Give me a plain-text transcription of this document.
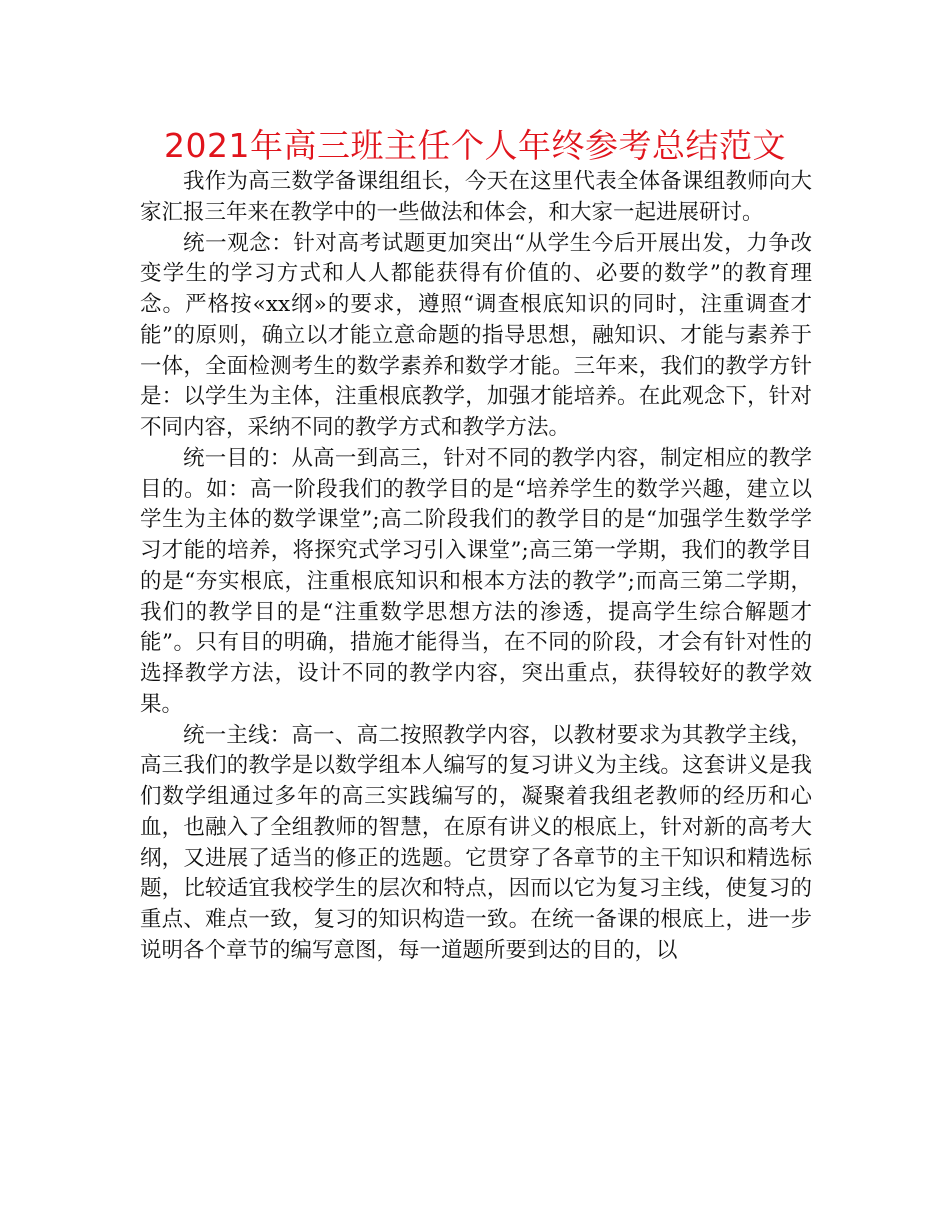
2021年高三班主任个人年终参考总结范文

我作为高三数学备课组组长，今天在这里代表全体备课组教师向大家汇报三年来在教学中的一些做法和体会，和大家一起进展研讨。

统一观念：针对高考试题更加突出“从学生今后开展出发，力争改变学生的学习方式和人人都能获得有价值的、必要的数学”的教育理念。严格按«xx纲»的要求，遵照“调查根底知识的同时，注重调查才能”的原则，确立以才能立意命题的指导思想，融知识、才能与素养于一体，全面检测考生的数学素养和数学才能。三年来，我们的教学方针是：以学生为主体，注重根底教学，加强才能培养。在此观念下，针对不同内容，采纳不同的教学方式和教学方法。

统一目的：从高一到高三，针对不同的教学内容，制定相应的教学目的。如：高一阶段我们的教学目的是“培养学生的数学兴趣，建立以学生为主体的数学课堂”;高二阶段我们的教学目的是“加强学生数学学习才能的培养，将探究式学习引入课堂”;高三第一学期，我们的教学目的是“夯实根底，注重根底知识和根本方法的教学”;而高三第二学期，我们的教学目的是“注重数学思想方法的渗透，提高学生综合解题才能”。只有目的明确，措施才能得当，在不同的阶段，才会有针对性的选择教学方法，设计不同的教学内容，突出重点，获得较好的教学效果。

统一主线：高一、高二按照教学内容，以教材要求为其教学主线，高三我们的教学是以数学组本人编写的复习讲义为主线。这套讲义是我们数学组通过多年的高三实践编写的，凝聚着我组老教师的经历和心血，也融入了全组教师的智慧，在原有讲义的根底上，针对新的高考大纲，又进展了适当的修正的选题。它贯穿了各章节的主干知识和精选标题，比较适宜我校学生的层次和特点，因而以它为复习主线，使复习的重点、难点一致，复习的知识构造一致。在统一备课的根底上，进一步说明各个章节的编写意图，每一道题所要到达的目的，以
